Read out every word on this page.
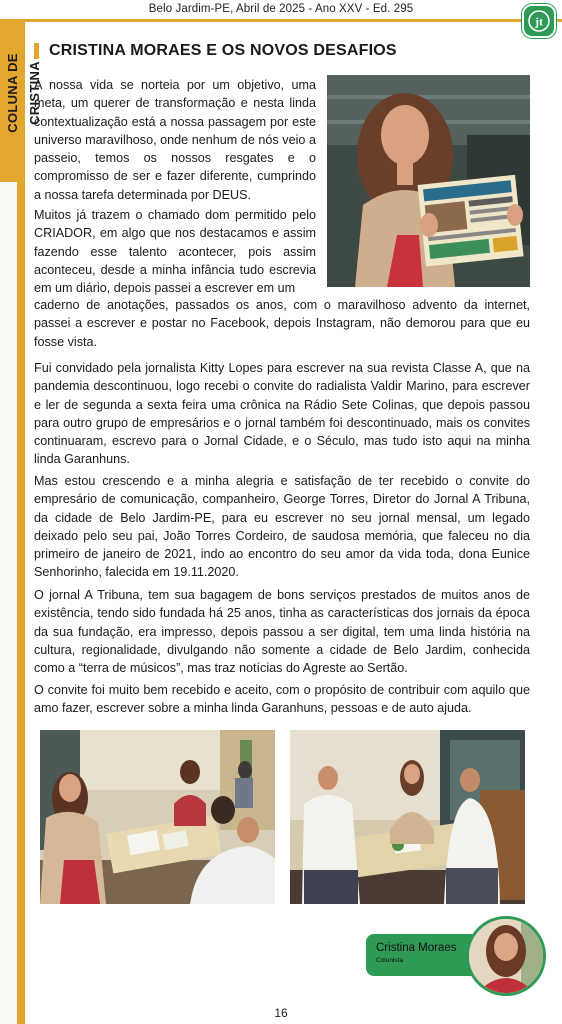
Belo Jardim-PE, Abril de 2025 - Ano XXV - Ed. 295
jt
COLUNA DE CRISTINA
CRISTINA MORAES E OS NOVOS DESAFIOS

A nossa vida se norteia por um objetivo, uma meta, um querer de transformação e nesta linda contextualização está a nossa passagem por este universo maravilhoso, onde nenhum de nós veio a passeio, temos os nossos resgates e o compromisso de ser e fazer diferente, cumprindo a nossa tarefa determinada por DEUS.

Muitos já trazem o chamado dom permitido pelo CRIADOR, em algo que nos destacamos e assim fazendo esse talento acontecer, pois assim aconteceu, desde a minha infância tudo escrevia em um diário, depois passei a escrever em um

caderno de anotações, passados os anos, com o maravilhoso advento da internet, passei a escrever e postar no Facebook, depois Instagram, não demorou para que eu fosse vista.

Fui convidado pela jornalista Kitty Lopes para escrever na sua revista Classe A, que na pandemia descontinuou, logo recebi o convite do radialista Valdir Marino, para escrever e ler de segunda a sexta feira uma crônica na Rádio Sete Colinas, que depois passou para outro grupo de empresários e o jornal também foi descontinuado, mais os convites continuaram, escrevo para o Jornal Cidade, e o Século, mas tudo isto aqui na minha linda Garanhuns.

Mas estou crescendo e a minha alegria e satisfação de ter recebido o convite do empresário de comunicação, companheiro, George Torres, Diretor do Jornal A Tribuna, da cidade de Belo Jardim-PE, para eu escrever no seu jornal mensal, um legado deixado pelo seu pai, João Torres Cordeiro, de saudosa memória, que faleceu no dia primeiro de janeiro de 2021, indo ao encontro do seu amor da vida toda, dona Eunice Senhorinho, falecida em 19.11.2020.

O jornal A Tribuna, tem sua bagagem de bons serviços prestados de muitos anos de existência, tendo sido fundada há 25 anos, tinha as características dos jornais da época da sua fundação, era impresso, depois passou a ser digital, tem uma linda história na cultura, regionalidade, divulgando não somente a cidade de Belo Jardim, conhecida como a “terra de músicos”, mas traz notícias do Agreste ao Sertão.

O convite foi muito bem recebido e aceito, com o propósito de contribuir com aquilo que amo fazer, escrever sobre a minha linda Garanhuns, pessoas e de auto ajuda.

Cristina Moraes
Colunista
16
